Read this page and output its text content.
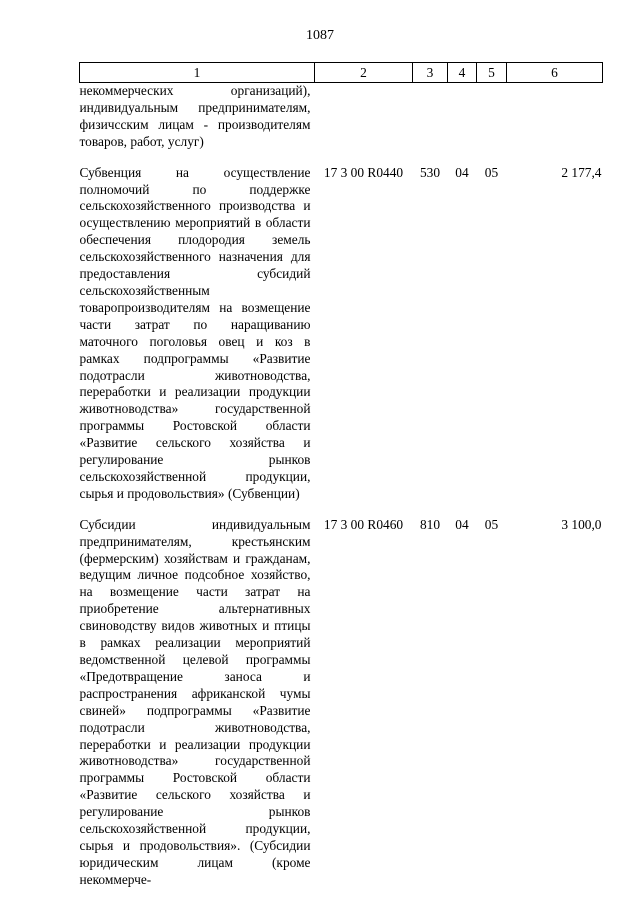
1087
1	2	3	4	5	6
некоммерческих организаций), индивидуальным предпринимателям, физичсским лицам - производителям товаров, работ, услуг)					

Субвенция на осуществление полномочий по поддержке сельскохозяйственного производства и осуществлению мероприятий в области обеспечения плодородия земель сельскохозяйственного назначения для предоставления субсидий сельскохозяйственным товаропроизводителям на возмещение части затрат по наращиванию маточного поголовья овец и коз в рамках подпрограммы «Развитие подотрасли животноводства, переработки и реализации продукции животноводства» государственной программы Ростовской области «Развитие сельского хозяйства и регулирование рынков сельскохозяйственной продукции, сырья и продовольствия» (Субвенции)	17 3 00 R0440	530	04	05	2 177,4

Субсидии индивидуальным предпринимателям, крестьянским (фермерским) хозяйствам и гражданам, ведущим личное подсобное хозяйство, на возмещение части затрат на приобретение альтернативных свиноводству видов животных и птицы в рамках реализации мероприятий ведомственной целевой программы «Предотвращение заноса и распространения африканской чумы свиней» подпрограммы «Развитие подотрасли животноводства, переработки и реализации продукции животноводства» государственной программы Ростовской области «Развитие сельского хозяйства и регулирование рынков сельскохозяйственной продукции, сырья и продовольствия». (Субсидии юридическим лицам (кроме некоммерче-	17 3 00 R0460	810	04	05	3 100,0
